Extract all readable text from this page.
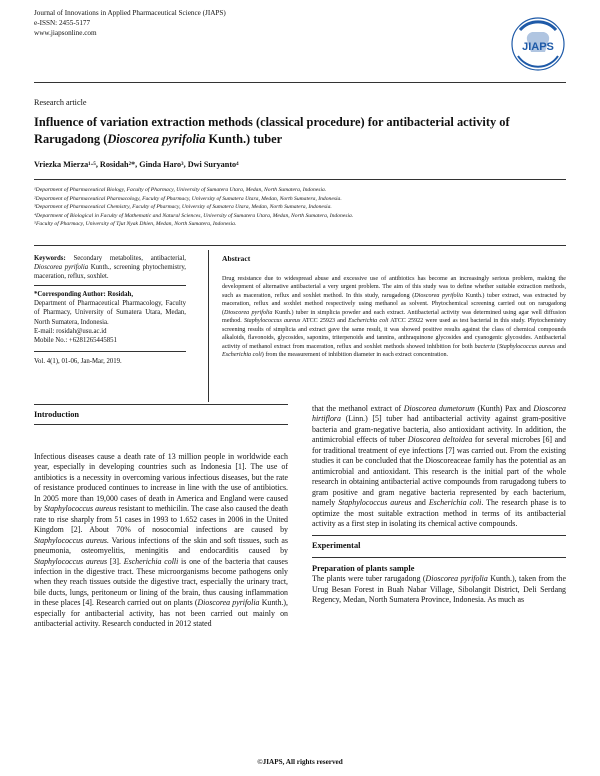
Journal of Innovations in Applied Pharmaceutical Science (JIAPS)
e-ISSN: 2455-5177
www.jiapsonline.com
JIAPS
Research article
Influence of variation extraction methods (classical procedure) for antibacterial activity of Rarugadong (Dioscorea pyrifolia Kunth.) tuber
Vriezka Mierza¹·⁵, Rosidah²*, Ginda Haro³, Dwi Suryanto⁴
¹Department of Pharmaceutical Biology, Faculty of Pharmacy, University of Sumatera Utara, Medan, North Sumatera, Indonesia.
²Department of Pharmaceutical Pharmacology, Faculty of Pharmacy, University of Sumatera Utara, Medan, North Sumatera, Indonesia.
³Department of Pharmaceutical Chemistry, Faculty of Pharmacy, University of Sumatera Utara, Medan, North Sumatera, Indonesia.
⁴Department of Biological in Faculty of Mathematic and Natural Sciences, University of Sumatera Utara, Medan, North Sumatera, Indonesia.
⁵Faculty of Pharmacy, University of Tjut Nyak Dhien, Medan, North Sumatera, Indonesia.
Keywords: Secondary metabolites, antibacterial, Dioscorea pyrifolia Kunth., screening phytochemistry, maceration, reflux, soxhlet.
*Corresponding Author: Rosidah,
Department of Pharmaceutical Pharmacology, Faculty of Pharmacy, University of Sumatera Utara, Medan, North Sumatera, Indonesia.
E-mail: rosidah@usu.ac.id
Mobile No.: +6281265445851
Vol. 4(1), 01-06, Jan-Mar, 2019.
Abstract
Drug resistance due to widespread abuse and excessive use of antibiotics has become an increasingly serious problem, making the development of alternative antibacterial a very urgent problem. The aim of this study was to define whether suitable extraction methods, such as maceration, reflux and soxhlet method. In this study, rarugadong (Dioscorea pyrifolia Kunth.) tuber extract, was extracted by maceration, reflux and soxhlet method respectively using methanol as solvent. Phytochemical screening carried out on rarugadong (Dioscorea pyrifolia Kunth.) tuber in simplicia powder and each extract. Antibacterial activity was determined using agar well diffusion method. Staphylococcus aureus ATCC 25923 and Escherichia coli ATCC 25922 were used as test bacterial in this study. Phytochemistry screening results of simplicia and extract gave the same result, it was showed positive results against the class of chemical compounds alkaloids, flavonoids, glycosides, saponins, triterpenoids and tannins, anthraquinone glycosides and cyanogenic glycosides. Antibacterial activity of methanol extract from maceration, reflux and soxhlet methods showed inhibition for both bacteria (Staphylococcus aureus and Escherichia coli) from the measurement of inhibition diameter in each extract concentration.
Introduction
Infectious diseases cause a death rate of 13 million people in worldwide each year, especially in developing countries such as Indonesia [1]. The use of antibiotics is a necessity in overcoming various infectious diseases, but the rate of resistance produced continues to increase in line with the use of antibiotics. In 2005 more than 19,000 cases of death in America and England were caused by Staphylococcus aureus resistant to methicilin. The case also caused the death rate to rise sharply from 51 cases in 1993 to 1.652 cases in 2006 in the United Kingdom [2]. About 70% of nosocomial infections are caused by Staphylococcus aureus. Various infections of the skin and soft tissues, such as pneumonia, osteomyelitis, meningitis and endocarditis caused by Staphylococcus aureus [3]. Escherichia colli is one of the bacteria that causes infection in the digestive tract. These microorganisms become pathogens only when they reach tissues outside the digestive tract, especially the urinary tract, bile ducts, lungs, peritoneum or lining of the brain, thus causing inflammation in these places [4]. Research carried out on plants (Dioscorea pyrifolia Kunth.), especially for antibacterial activity, has not been carried out mainly on antibacterial activity. Research conducted in 2012 stated
that the methanol extract of Dioscorea dumetorum (Kunth) Pax and Dioscorea hirtiflora (Linn.) [5] tuber had antibacterial activity against gram-positive bacteria and gram-negative bacteria, also antioxidant activity. In addition, the antimicrobial effects of tuber Dioscorea deltoidea for several microbes [6] and for traditional treatment of eye infections [7] was carried out. From the existing studies it can be concluded that the Dioscoreaceae family has the potential as an antimicrobial and antioxidant. This research is the initial part of the whole research in obtaining antibacterial active compounds from rarugadong tubers to gram positive and gram negative bacteria represented by each bacterium, namely Staphylococcus aureus and Escherichia coli. The research phase is to optimize the most suitable extraction method in terms of its antibacterial activity as a first step in isolating its chemical active compounds.
Experimental
Preparation of plants sample
The plants were tuber rarugadong (Dioscorea pyrifolia Kunth.), taken from the Urug Besan Forest in Buah Nabar Village, Sibolangit District, Deli Serdang Regency, Medan, North Sumatera Province, Indonesia. As much as
©JIAPS, All rights reserved
